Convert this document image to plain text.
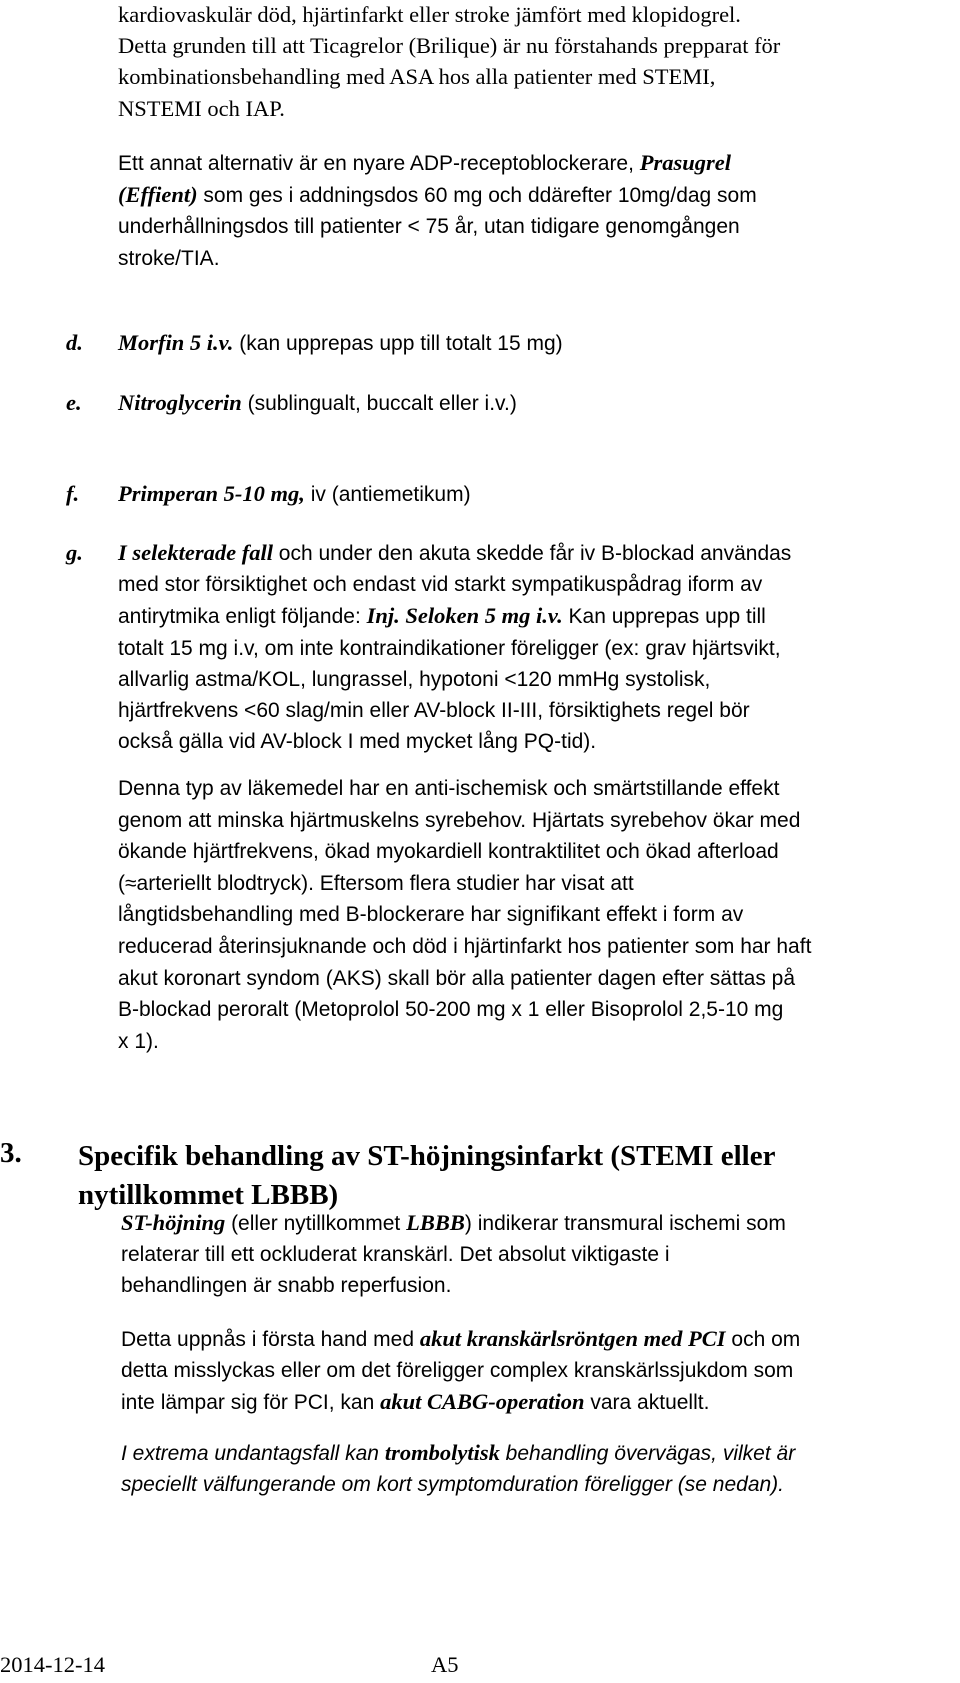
kardiovaskulär död, hjärtinfarkt eller stroke jämfört med klopidogrel.
Detta grunden till att Ticagrelor (Brilique) är nu förstahands prepparat för
kombinationsbehandling med ASA hos alla patienter med STEMI,
NSTEMI och IAP.
Ett annat alternativ är en nyare ADP-receptoblockerare, Prasugrel
(Effient) som ges i addningsdos 60 mg och ddärefter 10mg/dag som
underhållningsdos till patienter < 75 år, utan tidigare genomgången
stroke/TIA.
d. Morfin 5 i.v. (kan upprepas upp till totalt 15 mg)
e. Nitroglycerin (sublingualt, buccalt eller i.v.)
f. Primperan 5-10 mg, iv (antiemetikum)
g. I selekterade fall och under den akuta skedde får iv B-blockad användas
med stor försiktighet och endast vid starkt sympatikuspådrag iform av
antirytmika enligt följande: Inj. Seloken 5 mg i.v. Kan upprepas upp till
totalt 15 mg i.v, om inte kontraindikationer föreligger (ex: grav hjärtsvikt,
allvarlig astma/KOL, lungrassel, hypotoni <120 mmHg systolisk,
hjärtfrekvens <60 slag/min eller AV-block II-III, försiktighets regel bör
också gälla vid AV-block I med mycket lång PQ-tid).
Denna typ av läkemedel har en anti-ischemisk och smärtstillande effekt
genom att minska hjärtmuskelns syrebehov. Hjärtats syrebehov ökar med
ökande hjärtfrekvens, ökad myokardiell kontraktilitet och ökad afterload
(≈arteriellt blodtryck). Eftersom flera studier har visat att
långtidsbehandling med B-blockerare har signifikant effekt i form av
reducerad återinsjuknande och död i hjärtinfarkt hos patienter som har haft
akut koronart syndom (AKS) skall bör alla patienter dagen efter sättas på
B-blockad peroralt (Metoprolol 50-200 mg x 1 eller Bisoprolol 2,5-10 mg
x 1).
3. Specifik behandling av ST-höjningsinfarkt (STEMI eller
nytillkommet LBBB)
ST-höjning (eller nytillkommet LBBB) indikerar transmural ischemi som
relaterar till ett ockluderat kranskärl. Det absolut viktigaste i
behandlingen är snabb reperfusion.
Detta uppnås i första hand med akut kranskärlsröntgen med PCI och om
detta misslyckas eller om det föreligger complex kranskärlssjukdom som
inte lämpar sig för PCI, kan akut CABG-operation vara aktuellt.
I extrema undantagsfall kan trombolytisk behandling övervägas, vilket är
speciellt välfungerande om kort symptomduration föreligger (se nedan).
2014-12-14	A5
